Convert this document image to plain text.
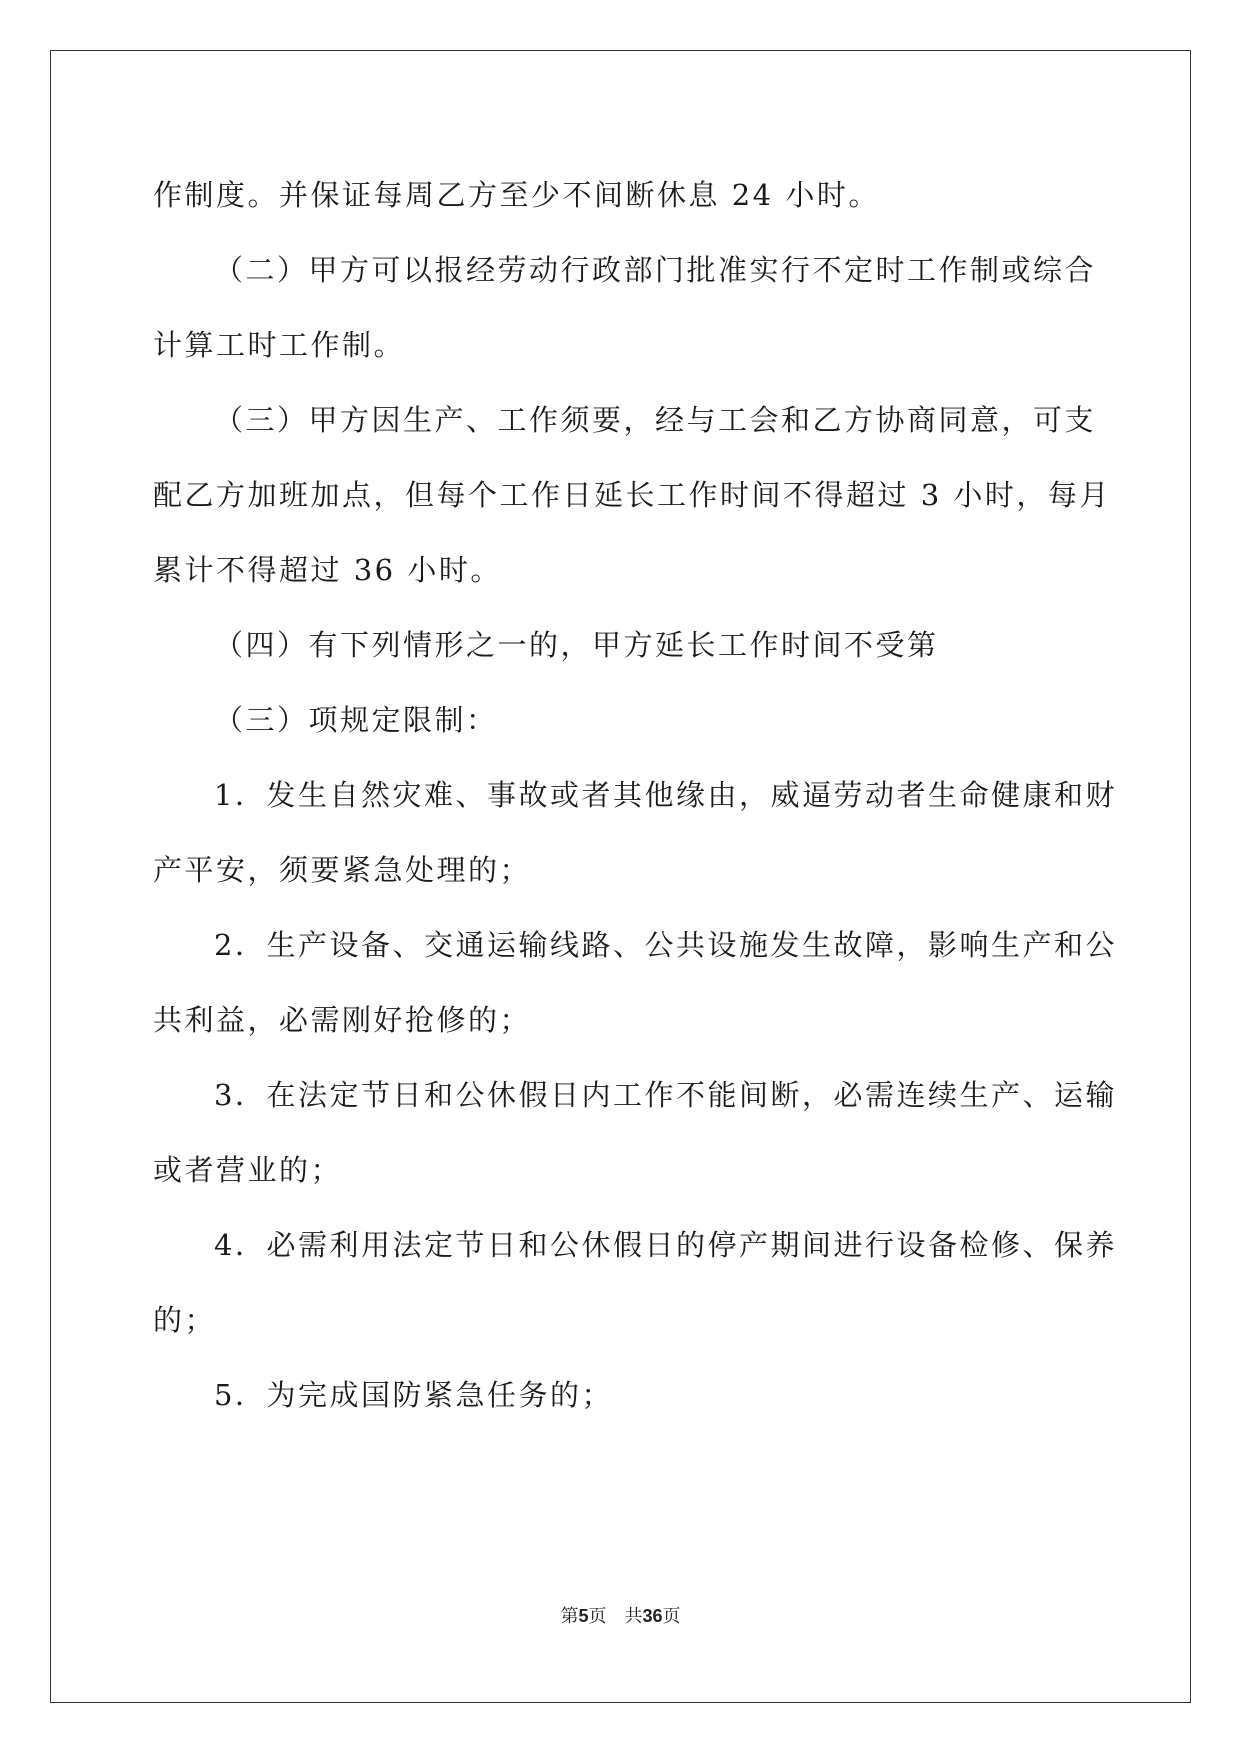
作制度。并保证每周乙方至少不间断休息 24 小时。

（二）甲方可以报经劳动行政部门批准实行不定时工作制或综合

计算工时工作制。

（三）甲方因生产、工作须要，经与工会和乙方协商同意，可支

配乙方加班加点，但每个工作日延长工作时间不得超过 3 小时，每月

累计不得超过 36 小时。

（四）有下列情形之一的，甲方延长工作时间不受第

（三）项规定限制：

1．发生自然灾难、事故或者其他缘由，威逼劳动者生命健康和财

产平安，须要紧急处理的；

2．生产设备、交通运输线路、公共设施发生故障，影响生产和公

共利益，必需刚好抢修的；

3．在法定节日和公休假日内工作不能间断，必需连续生产、运输

或者营业的；

4．必需利用法定节日和公休假日的停产期间进行设备检修、保养

的；

5．为完成国防紧急任务的；

第5页 共36页
